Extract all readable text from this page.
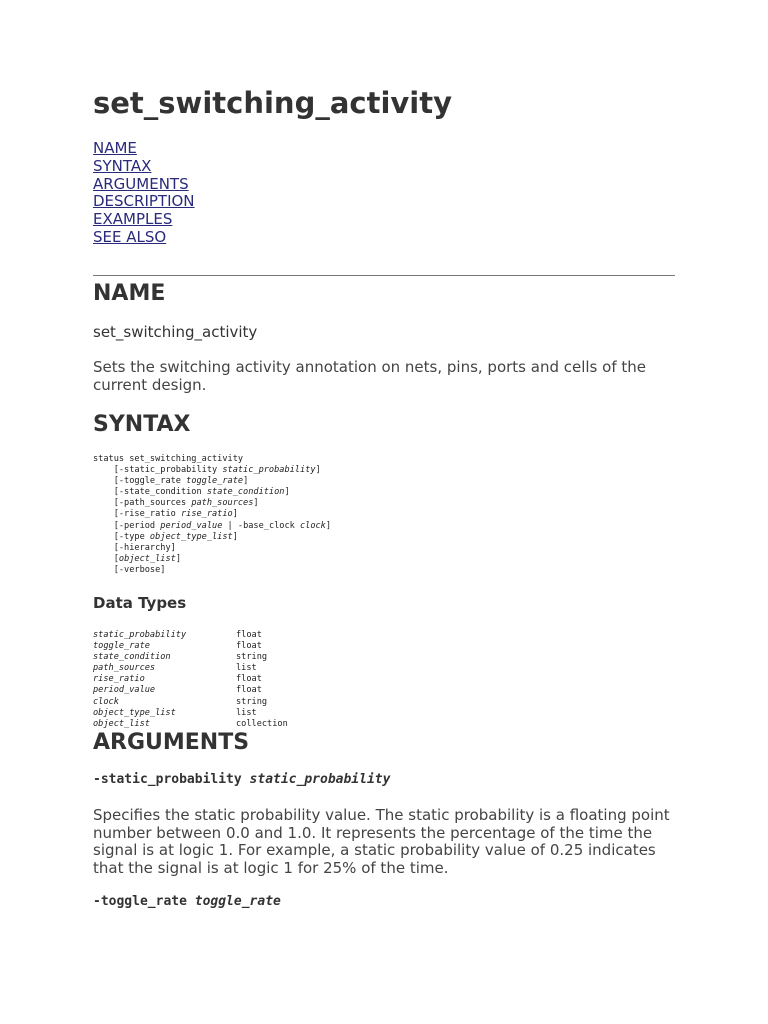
set_switching_activity
NAME
SYNTAX
ARGUMENTS
DESCRIPTION
EXAMPLES
SEE ALSO
NAME

set_switching_activity

Sets the switching activity annotation on nets, pins, ports and cells of the current design.

SYNTAX
status set_switching_activity
[-static_probability static_probability]
[-toggle_rate toggle_rate]
[-state_condition state_condition]
[-path_sources path_sources]
[-rise_ratio rise_ratio]
[-period period_value | -base_clock clock]
[-type object_type_list]
[-hierarchy]
[object_list]
[-verbose]
Data Types
static_probability	float
toggle_rate	float
state_condition	string
path_sources	list
rise_ratio	float
period_value	float
clock	string
object_type_list	list
object_list	collection
ARGUMENTS

-static_probability static_probability

Specifies the static probability value. The static probability is a floating point number between 0.0 and 1.0. It represents the percentage of the time the signal is at logic 1. For example, a static probability value of 0.25 indicates that the signal is at logic 1 for 25% of the time.

-toggle_rate toggle_rate
